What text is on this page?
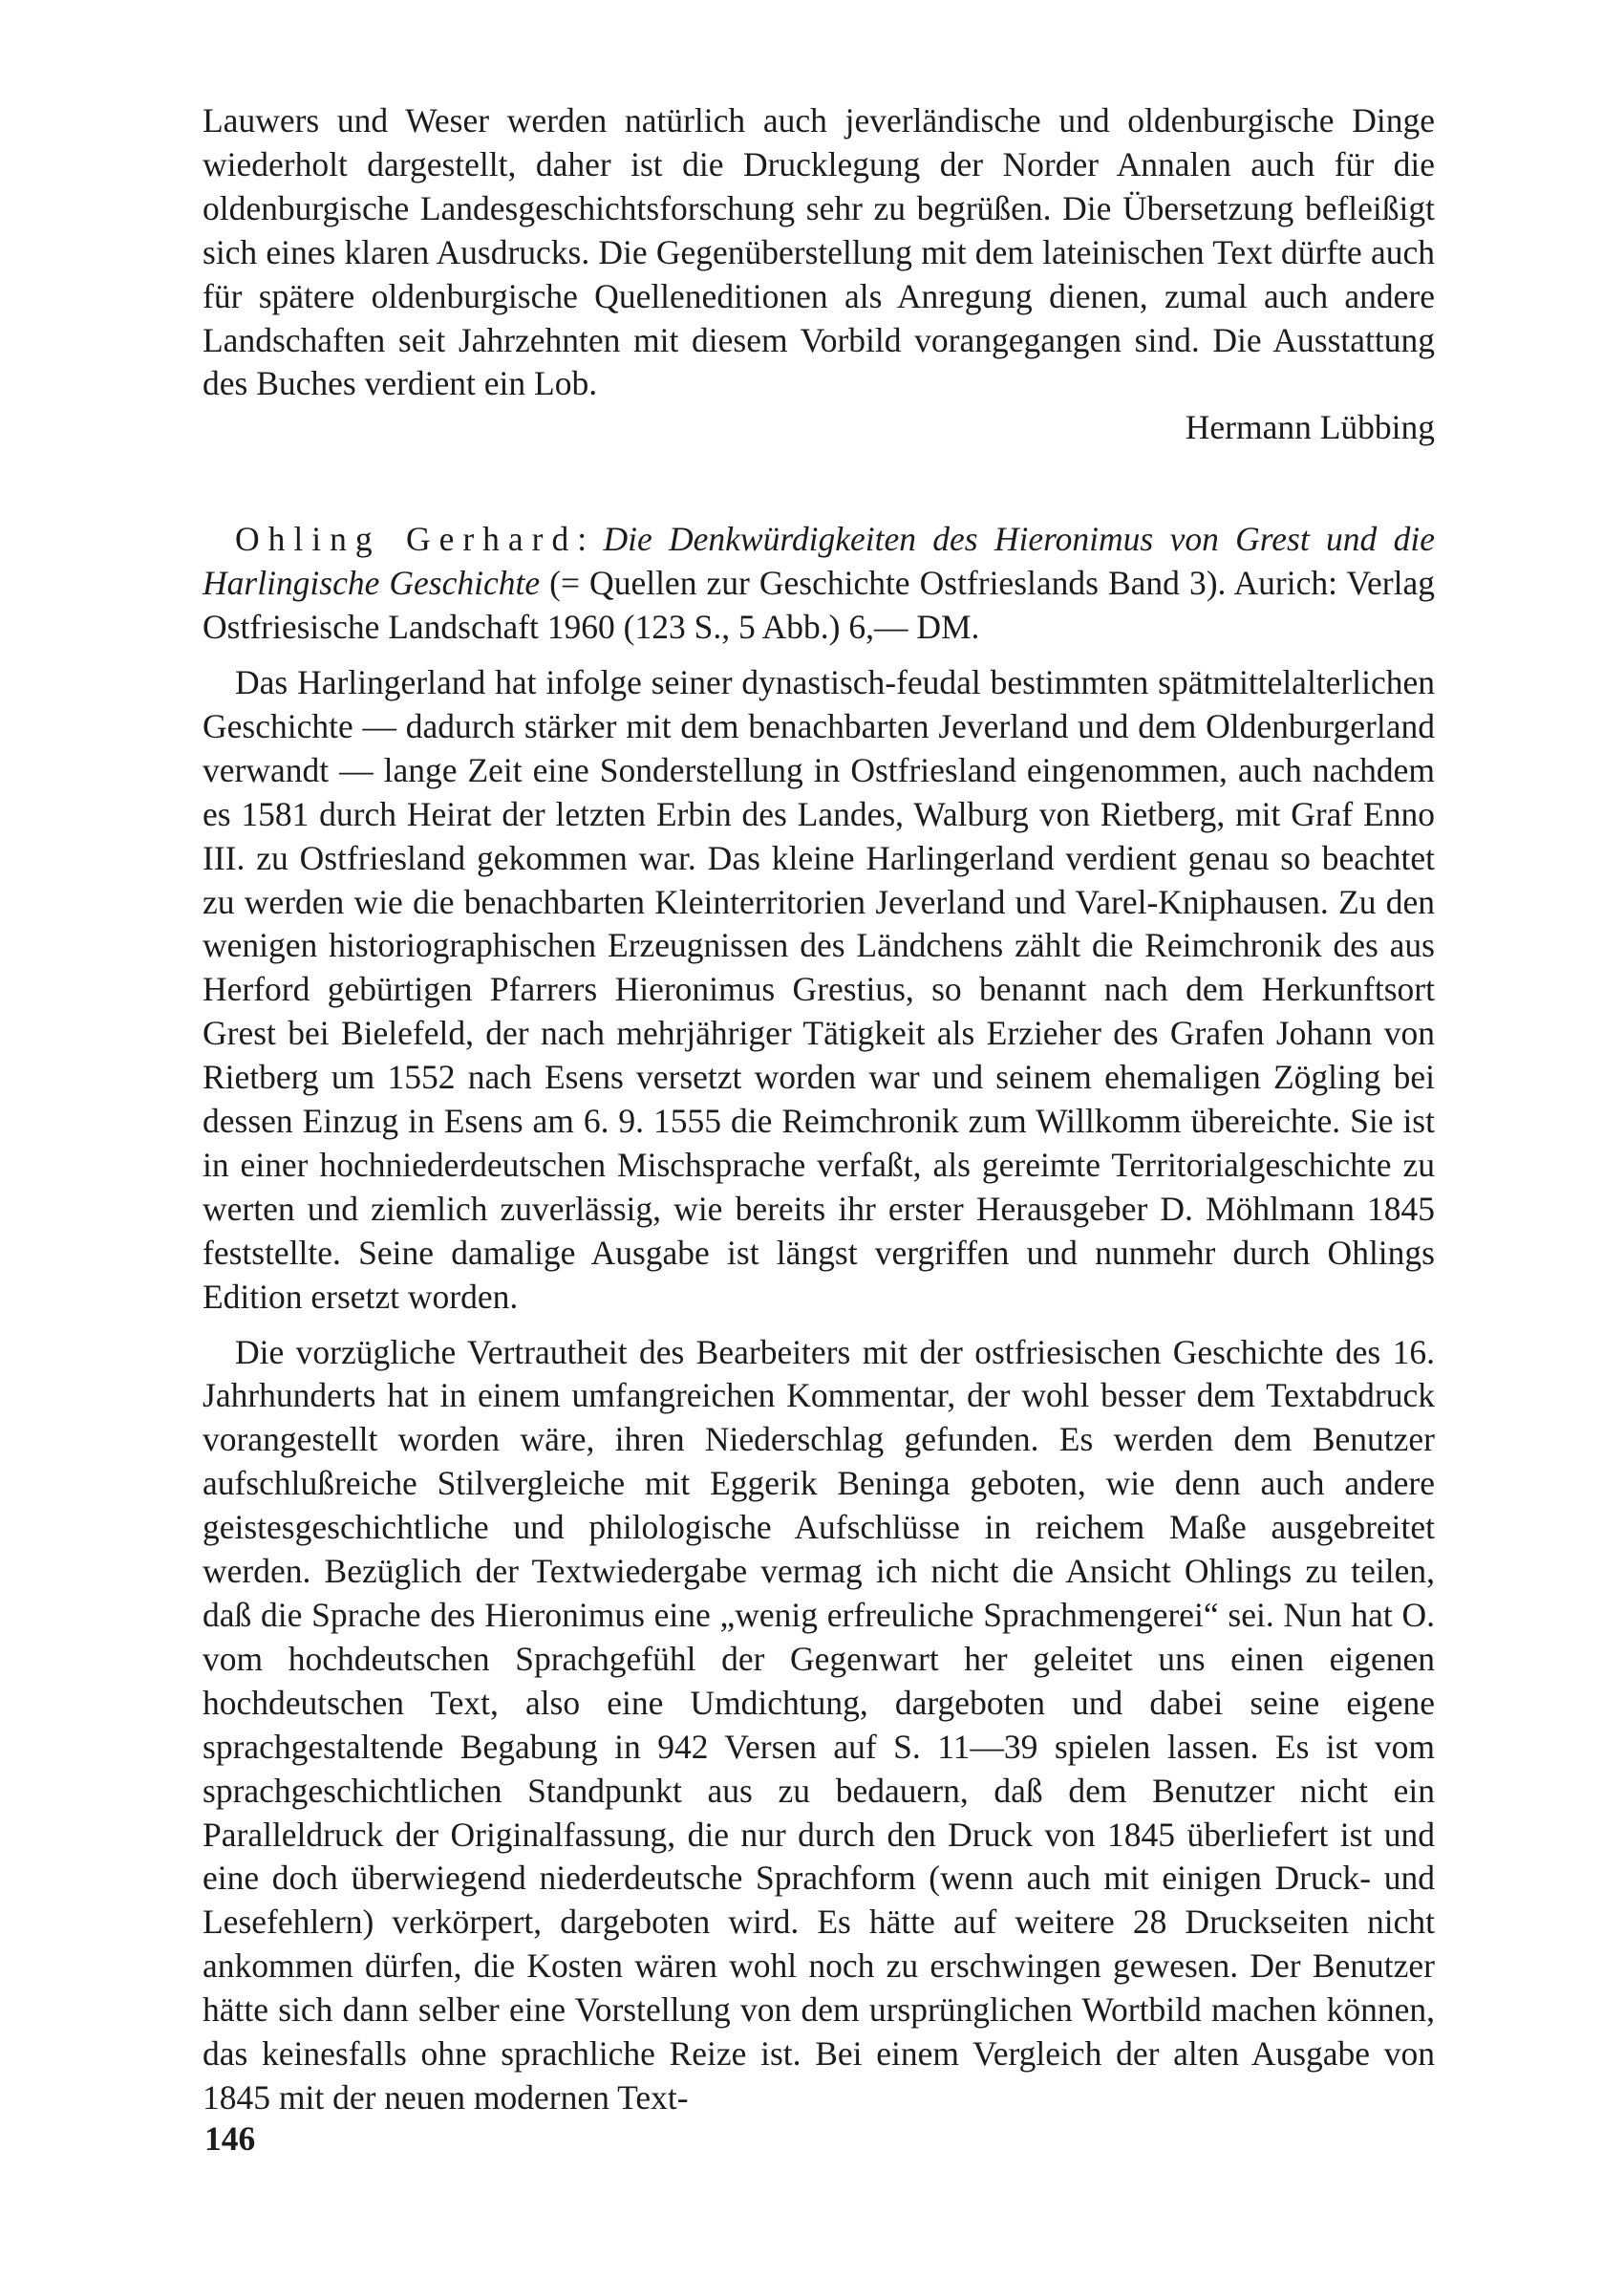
Lauwers und Weser werden natürlich auch jeverländische und oldenburgische Dinge wiederholt dargestellt, daher ist die Drucklegung der Norder Annalen auch für die oldenburgische Landesgeschichtsforschung sehr zu begrüßen. Die Übersetzung befleißigt sich eines klaren Ausdrucks. Die Gegenüberstellung mit dem lateinischen Text dürfte auch für spätere oldenburgische Quelleneditionen als Anregung dienen, zumal auch andere Landschaften seit Jahrzehnten mit diesem Vorbild vorangegangen sind. Die Ausstattung des Buches verdient ein Lob.

Hermann Lübbing

Ohling Gerhard: Die Denkwürdigkeiten des Hieronimus von Grest und die Harlingische Geschichte (= Quellen zur Geschichte Ostfrieslands Band 3). Aurich: Verlag Ostfriesische Landschaft 1960 (123 S., 5 Abb.) 6,— DM.

Das Harlingerland hat infolge seiner dynastisch-feudal bestimmten spätmittelalterlichen Geschichte — dadurch stärker mit dem benachbarten Jeverland und dem Oldenburgerland verwandt — lange Zeit eine Sonderstellung in Ostfriesland eingenommen, auch nachdem es 1581 durch Heirat der letzten Erbin des Landes, Walburg von Rietberg, mit Graf Enno III. zu Ostfriesland gekommen war. Das kleine Harlingerland verdient genau so beachtet zu werden wie die benachbarten Kleinterritorien Jeverland und Varel-Kniphausen. Zu den wenigen historiographischen Erzeugnissen des Ländchens zählt die Reimchronik des aus Herford gebürtigen Pfarrers Hieronimus Grestius, so benannt nach dem Herkunftsort Grest bei Bielefeld, der nach mehrjähriger Tätigkeit als Erzieher des Grafen Johann von Rietberg um 1552 nach Esens versetzt worden war und seinem ehemaligen Zögling bei dessen Einzug in Esens am 6. 9. 1555 die Reimchronik zum Willkomm übereichte. Sie ist in einer hochniederdeutschen Mischsprache verfaßt, als gereimte Territorialgeschichte zu werten und ziemlich zuverlässig, wie bereits ihr erster Herausgeber D. Möhlmann 1845 feststellte. Seine damalige Ausgabe ist längst vergriffen und nunmehr durch Ohlings Edition ersetzt worden.

Die vorzügliche Vertrautheit des Bearbeiters mit der ostfriesischen Geschichte des 16. Jahrhunderts hat in einem umfangreichen Kommentar, der wohl besser dem Textabdruck vorangestellt worden wäre, ihren Niederschlag gefunden. Es werden dem Benutzer aufschlußreiche Stilvergleiche mit Eggerik Beninga geboten, wie denn auch andere geistesgeschichtliche und philologische Aufschlüsse in reichem Maße ausgebreitet werden. Bezüglich der Textwiedergabe vermag ich nicht die Ansicht Ohlings zu teilen, daß die Sprache des Hieronimus eine „wenig erfreuliche Sprachmengerei“ sei. Nun hat O. vom hochdeutschen Sprachgefühl der Gegenwart her geleitet uns einen eigenen hochdeutschen Text, also eine Umdichtung, dargeboten und dabei seine eigene sprachgestaltende Begabung in 942 Versen auf S. 11—39 spielen lassen. Es ist vom sprachgeschichtlichen Standpunkt aus zu bedauern, daß dem Benutzer nicht ein Paralleldruck der Originalfassung, die nur durch den Druck von 1845 überliefert ist und eine doch überwiegend niederdeutsche Sprachform (wenn auch mit einigen Druck- und Lesefehlern) verkörpert, dargeboten wird. Es hätte auf weitere 28 Druckseiten nicht ankommen dürfen, die Kosten wären wohl noch zu erschwingen gewesen. Der Benutzer hätte sich dann selber eine Vorstellung von dem ursprünglichen Wortbild machen können, das keinesfalls ohne sprachliche Reize ist. Bei einem Vergleich der alten Ausgabe von 1845 mit der neuen modernen Text-

146
